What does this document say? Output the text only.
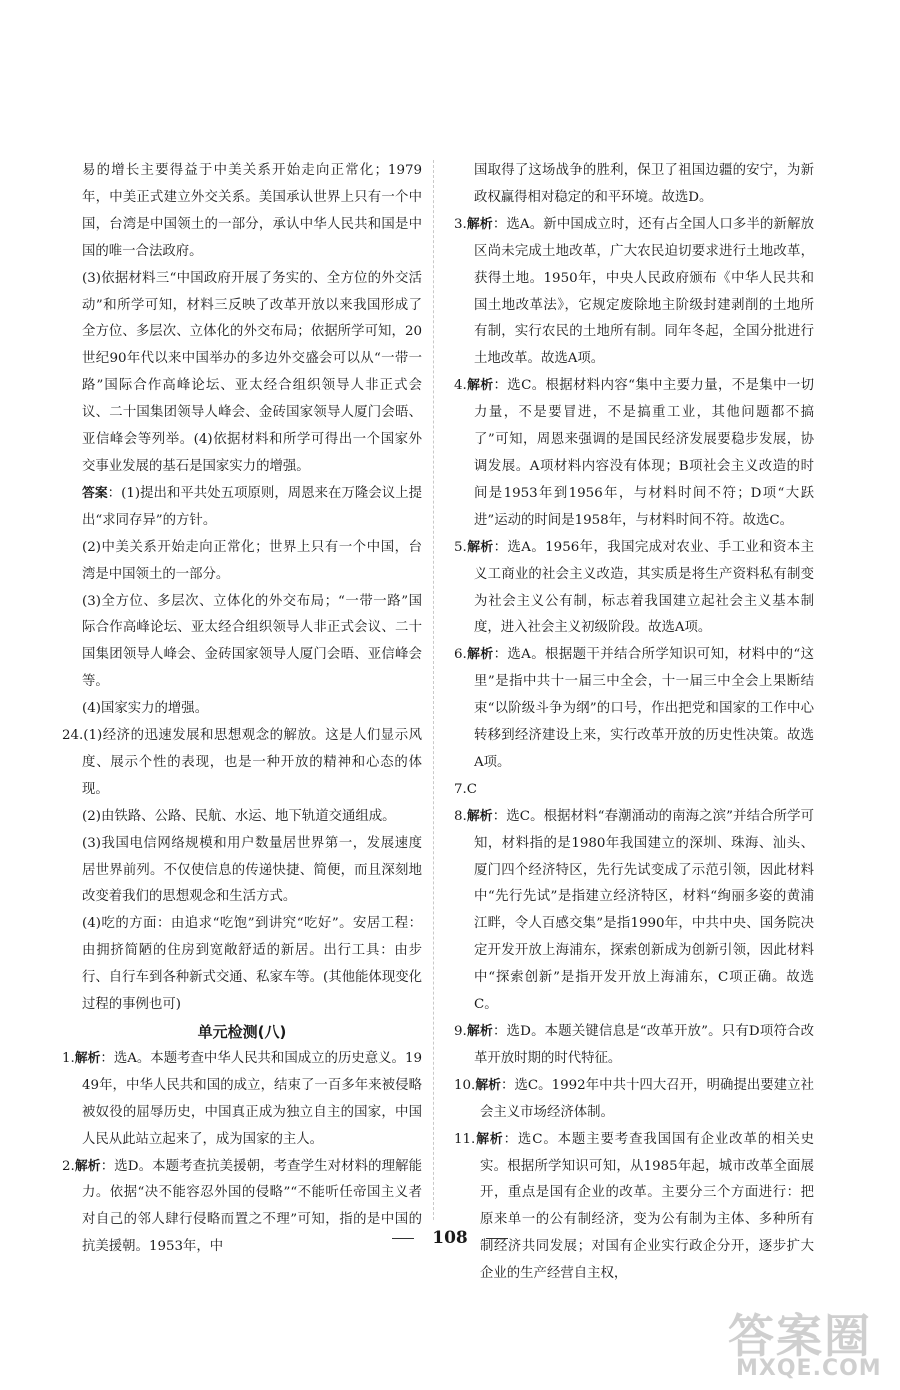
易的增长主要得益于中美关系开始走向正常化；1979年，中美正式建立外交关系。美国承认世界上只有一个中国，台湾是中国领土的一部分，承认中华人民共和国是中国的唯一合法政府。

(3)依据材料三“中国政府开展了务实的、全方位的外交活动”和所学可知，材料三反映了改革开放以来我国形成了全方位、多层次、立体化的外交布局；依据所学可知，20世纪90年代以来中国举办的多边外交盛会可以从“一带一路”国际合作高峰论坛、亚太经合组织领导人非正式会议、二十国集团领导人峰会、金砖国家领导人厦门会晤、亚信峰会等列举。(4)依据材料和所学可得出一个国家外交事业发展的基石是国家实力的增强。

答案：(1)提出和平共处五项原则，周恩来在万隆会议上提出“求同存异”的方针。

(2)中美关系开始走向正常化；世界上只有一个中国，台湾是中国领土的一部分。

(3)全方位、多层次、立体化的外交布局；“一带一路”国际合作高峰论坛、亚太经合组织领导人非正式会议、二十国集团领导人峰会、金砖国家领导人厦门会晤、亚信峰会等。

(4)国家实力的增强。

24.(1)经济的迅速发展和思想观念的解放。这是人们显示风度、展示个性的表现，也是一种开放的精神和心态的体现。

(2)由铁路、公路、民航、水运、地下轨道交通组成。

(3)我国电信网络规模和用户数量居世界第一，发展速度居世界前列。不仅使信息的传递快捷、简便，而且深刻地改变着我们的思想观念和生活方式。

(4)吃的方面：由追求“吃饱”到讲究“吃好”。安居工程：由拥挤简陋的住房到宽敞舒适的新居。出行工具：由步行、自行车到各种新式交通、私家车等。(其他能体现变化过程的事例也可)

单元检测(八)

1.解析：选A。本题考查中华人民共和国成立的历史意义。1949年，中华人民共和国的成立，结束了一百多年来被侵略被奴役的屈辱历史，中国真正成为独立自主的国家，中国人民从此站立起来了，成为国家的主人。

2.解析：选D。本题考查抗美援朝，考查学生对材料的理解能力。依据“决不能容忍外国的侵略”“不能听任帝国主义者对自己的邻人肆行侵略而置之不理”可知，指的是中国的抗美援朝。1953年，中

国取得了这场战争的胜利，保卫了祖国边疆的安宁，为新政权赢得相对稳定的和平环境。故选D。

3.解析：选A。新中国成立时，还有占全国人口多半的新解放区尚未完成土地改革，广大农民迫切要求进行土地改革，获得土地。1950年，中央人民政府颁布《中华人民共和国土地改革法》，它规定废除地主阶级封建剥削的土地所有制，实行农民的土地所有制。同年冬起，全国分批进行土地改革。故选A项。

4.解析：选C。根据材料内容“集中主要力量，不是集中一切力量，不是要冒进，不是搞重工业，其他问题都不搞了”可知，周恩来强调的是国民经济发展要稳步发展，协调发展。A项材料内容没有体现；B项社会主义改造的时间是1953年到1956年，与材料时间不符；D项“大跃进”运动的时间是1958年，与材料时间不符。故选C。

5.解析：选A。1956年，我国完成对农业、手工业和资本主义工商业的社会主义改造，其实质是将生产资料私有制变为社会主义公有制，标志着我国建立起社会主义基本制度，进入社会主义初级阶段。故选A项。

6.解析：选A。根据题干并结合所学知识可知，材料中的“这里”是指中共十一届三中全会，十一届三中全会上果断结束“以阶级斗争为纲”的口号，作出把党和国家的工作中心转移到经济建设上来，实行改革开放的历史性决策。故选A项。

7.C

8.解析：选C。根据材料“春潮涌动的南海之滨”并结合所学可知，材料指的是1980年我国建立的深圳、珠海、汕头、厦门四个经济特区，先行先试变成了示范引领，因此材料中“先行先试”是指建立经济特区，材料“绚丽多姿的黄浦江畔，令人百感交集”是指1990年，中共中央、国务院决定开发开放上海浦东，探索创新成为创新引领，因此材料中“探索创新”是指开发开放上海浦东，C项正确。故选C。

9.解析：选D。本题关键信息是“改革开放”。只有D项符合改革开放时期的时代特征。

10.解析：选C。1992年中共十四大召开，明确提出要建立社会主义市场经济体制。

11.解析：选C。本题主要考查我国国有企业改革的相关史实。根据所学知识可知，从1985年起，城市改革全面展开，重点是国有企业的改革。主要分三个方面进行：把原来单一的公有制经济，变为公有制为主体、多种所有制经济共同发展；对国有企业实行政企分开，逐步扩大企业的生产经营自主权，

108
答案圈
MXQE.COM
